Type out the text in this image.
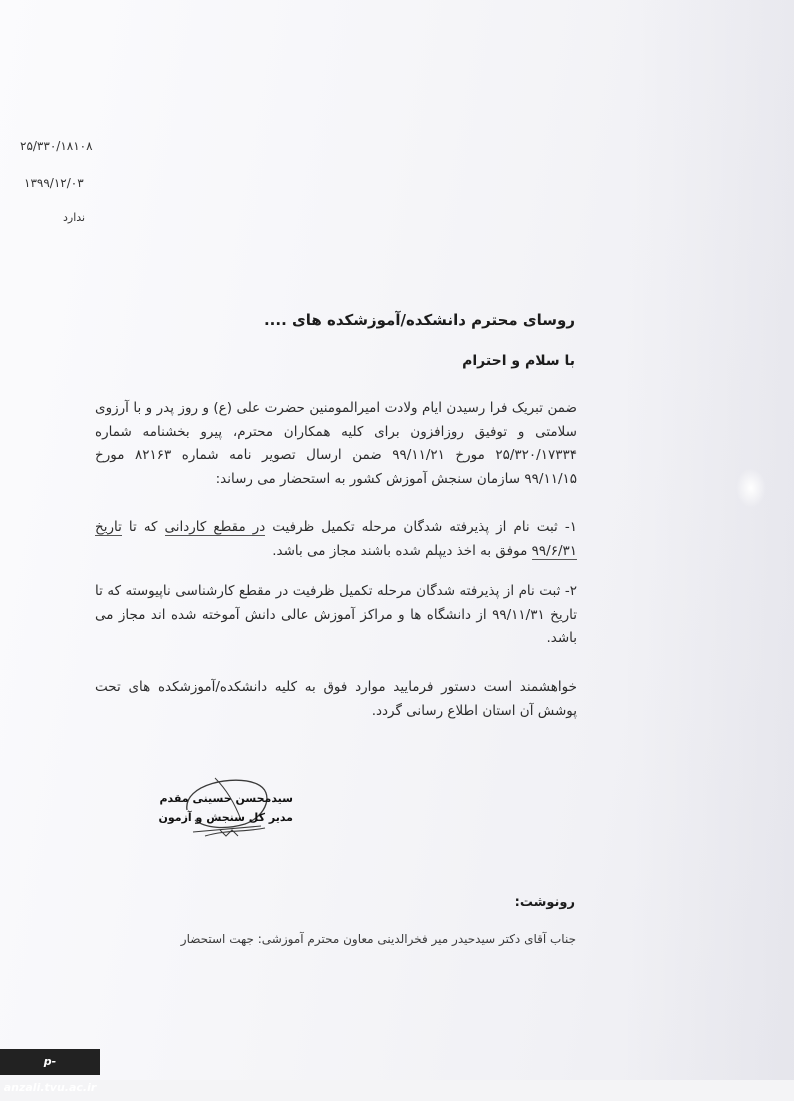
۲۵/۳۳۰/۱۸۱۰۸
۱۳۹۹/۱۲/۰۳
ندارد
روسای محترم دانشکده/آموزشکده های ....
با سلام و احترام
ضمن تبریک فرا رسیدن ایام ولادت امیرالمومنین حضرت علی (ع) و روز پدر و با آرزوی سلامتی و توفیق روزافزون برای کلیه همکاران محترم، پیرو بخشنامه شماره ۲۵/۳۲۰/۱۷۳۳۴ مورخ ۹۹/۱۱/۲۱ ضمن ارسال تصویر نامه شماره ۸۲۱۶۳ مورخ ۹۹/۱۱/۱۵ سازمان سنجش آموزش کشور به استحضار می رساند:
۱- ثبت نام از پذیرفته شدگان مرحله تکمیل ظرفیت در مقطع کاردانی که تا تاریخ ۹۹/۶/۳۱ موفق به اخذ دیپلم شده باشند مجاز می باشد.
۲- ثبت نام از پذیرفته شدگان مرحله تکمیل ظرفیت در مقطع کارشناسی ناپیوسته که تا تاریخ ۹۹/۱۱/۳۱ از دانشگاه ها و مراکز آموزش عالی دانش آموخته شده اند مجاز می باشد.
خواهشمند است دستور فرمایید موارد فوق به کلیه دانشکده/آموزشکده های تحت پوشش آن استان اطلاع رسانی گردد.
سیدمحسن حسینی مقدم
مدیر کل سنجش و آزمون
رونوشت:
جناب آقای دکتر سیدحیدر میر فخرالدینی معاون محترم آموزشی: جهت استحضار
p-anzali.tvu.ac.ir
